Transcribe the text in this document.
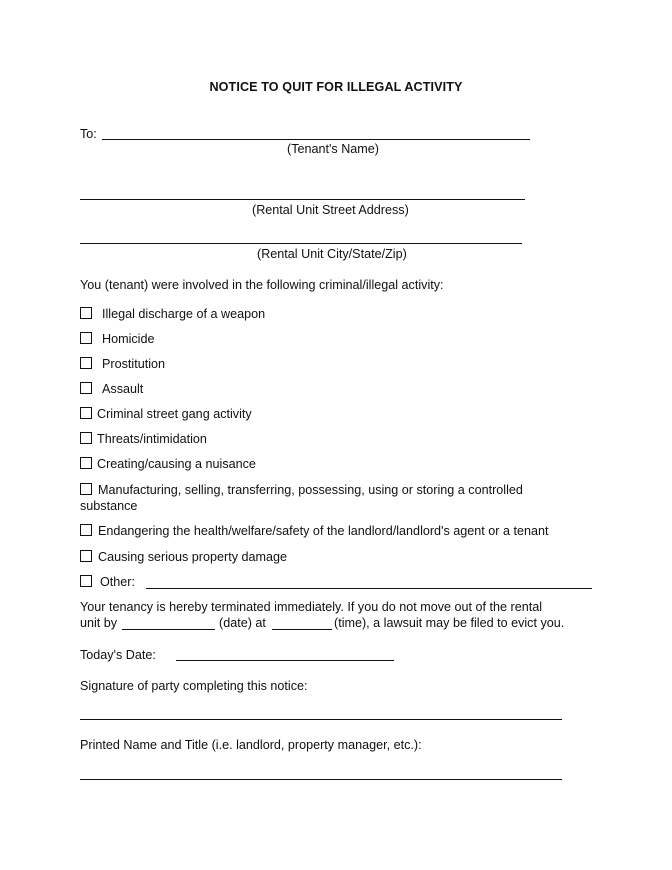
NOTICE TO QUIT FOR ILLEGAL ACTIVITY
To:
(Tenant's Name)
(Rental Unit Street Address)
(Rental Unit City/State/Zip)
You (tenant) were involved in the following criminal/illegal activity:
Illegal discharge of a weapon
Homicide
Prostitution
Assault
Criminal street gang activity
Threats/intimidation
Creating/causing a nuisance
Manufacturing, selling, transferring, possessing, using or storing a controlled
substance
Endangering the health/welfare/safety of the landlord/landlord's agent or a tenant
Causing serious property damage
Other:
Your tenancy is hereby terminated immediately. If you do not move out of the rental
unit by	(date) at	(time), a lawsuit may be filed to evict you.
Today's Date:
Signature of party completing this notice:
Printed Name and Title (i.e. landlord, property manager, etc.):
